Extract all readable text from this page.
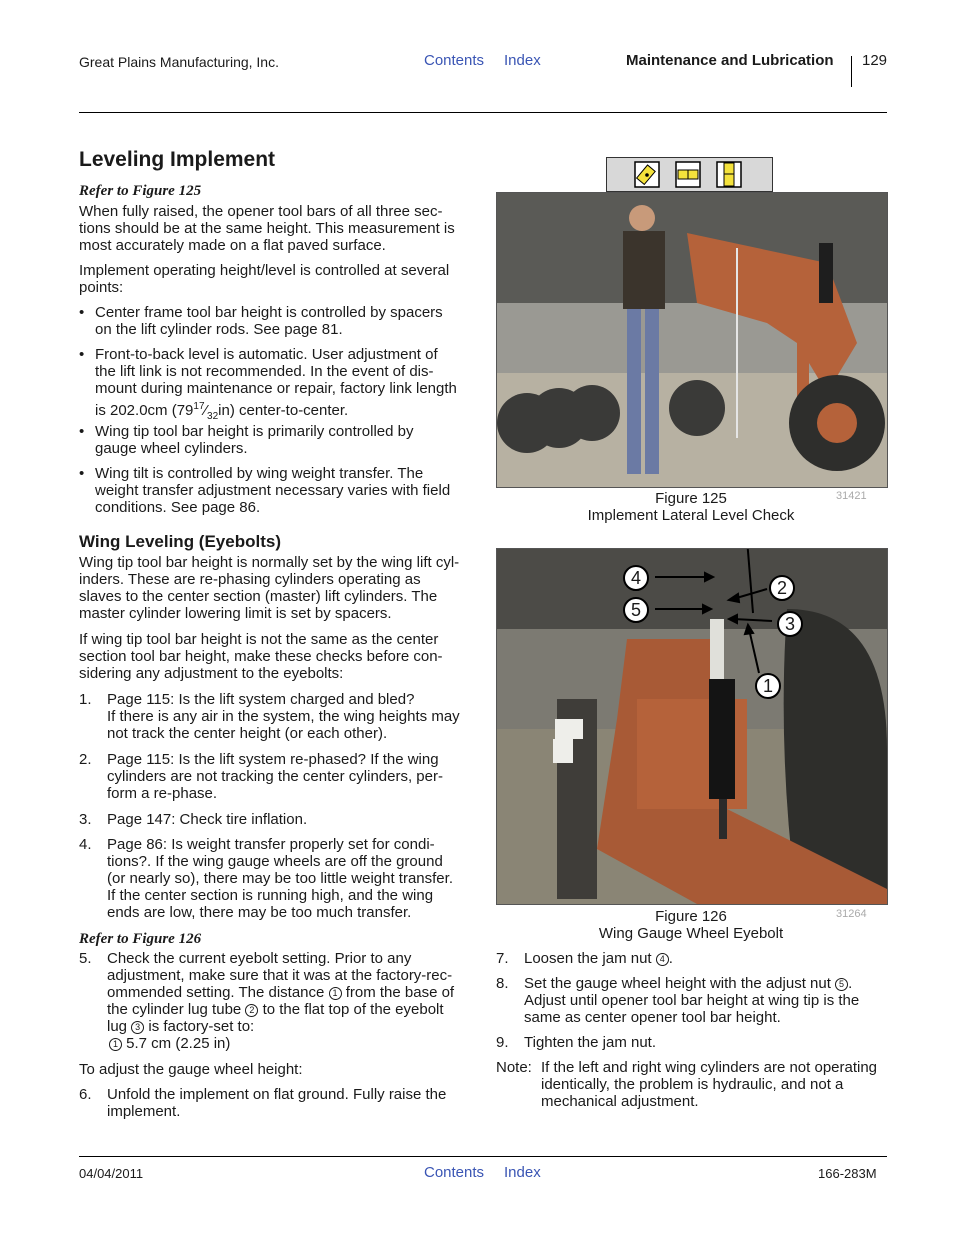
Great Plains Manufacturing, Inc.	Contents Index	Maintenance and Lubrication 129
Leveling Implement
Refer to Figure 125
When fully raised, the opener tool bars of all three sec-
tions should be at the same height. This measurement is
most accurately made on a flat paved surface.
Implement operating height/level is controlled at several
points:
• Center frame tool bar height is controlled by spacers
on the lift cylinder rods. See page 81.
• Front-to-back level is automatic. User adjustment of
the lift link is not recommended. In the event of dis-
mount during maintenance or repair, factory link length
is 202.0cm $(79^{17}⁄_{32}in)$ center-to-center.
• Wing tip tool bar height is primarily controlled by
gauge wheel cylinders.
• Wing tilt is controlled by wing weight transfer. The
weight transfer adjustment necessary varies with field
conditions. See page 86.
Wing Leveling (Eyebolts)
Wing tip tool bar height is normally set by the wing lift cyl-
inders. These are re-phasing cylinders operating as
slaves to the center section (master) lift cylinders. The
master cylinder lowering limit is set by spacers.
If wing tip tool bar height is not the same as the center
section tool bar height, make these checks before con-
sidering any adjustment to the eyebolts:
1. Page 115: Is the lift system charged and bled?
If there is any air in the system, the wing heights may
not track the center height (or each other).
2. Page 115: Is the lift system re-phased? If the wing
cylinders are not tracking the center cylinders, per-
form a re-phase.
3. Page 147: Check tire inflation.
4. Page 86: Is weight transfer properly set for condi-
tions?. If the wing gauge wheels are off the ground
(or nearly so), there may be too little weight transfer.
If the center section is running high, and the wing
ends are low, there may be too much transfer.
Refer to Figure 126
5. Check the current eyebolt setting. Prior to any
adjustment, make sure that it was at the factory-rec-
ommended setting. The distance 1 from the base of
the cylinder lug tube 2 to the flat top of the eyebolt
lug 3 is factory-set to:
1 5.7 cm (2.25 in)
To adjust the gauge wheel height:
6. Unfold the implement on flat ground. Fully raise the
implement.
Figure 125
Implement Lateral Level Check
31421
4
5
2
3
1
Figure 126
Wing Gauge Wheel Eyebolt
31264
7. Loosen the jam nut 4 .
8. Set the gauge wheel height with the adjust nut 5 .
Adjust until opener tool bar height at wing tip is the
same as center opener tool bar height.
9. Tighten the jam nut.
Note: If the left and right wing cylinders are not operating
identically, the problem is hydraulic, and not a
mechanical adjustment.
04/04/2011	Contents Index	166-283M
